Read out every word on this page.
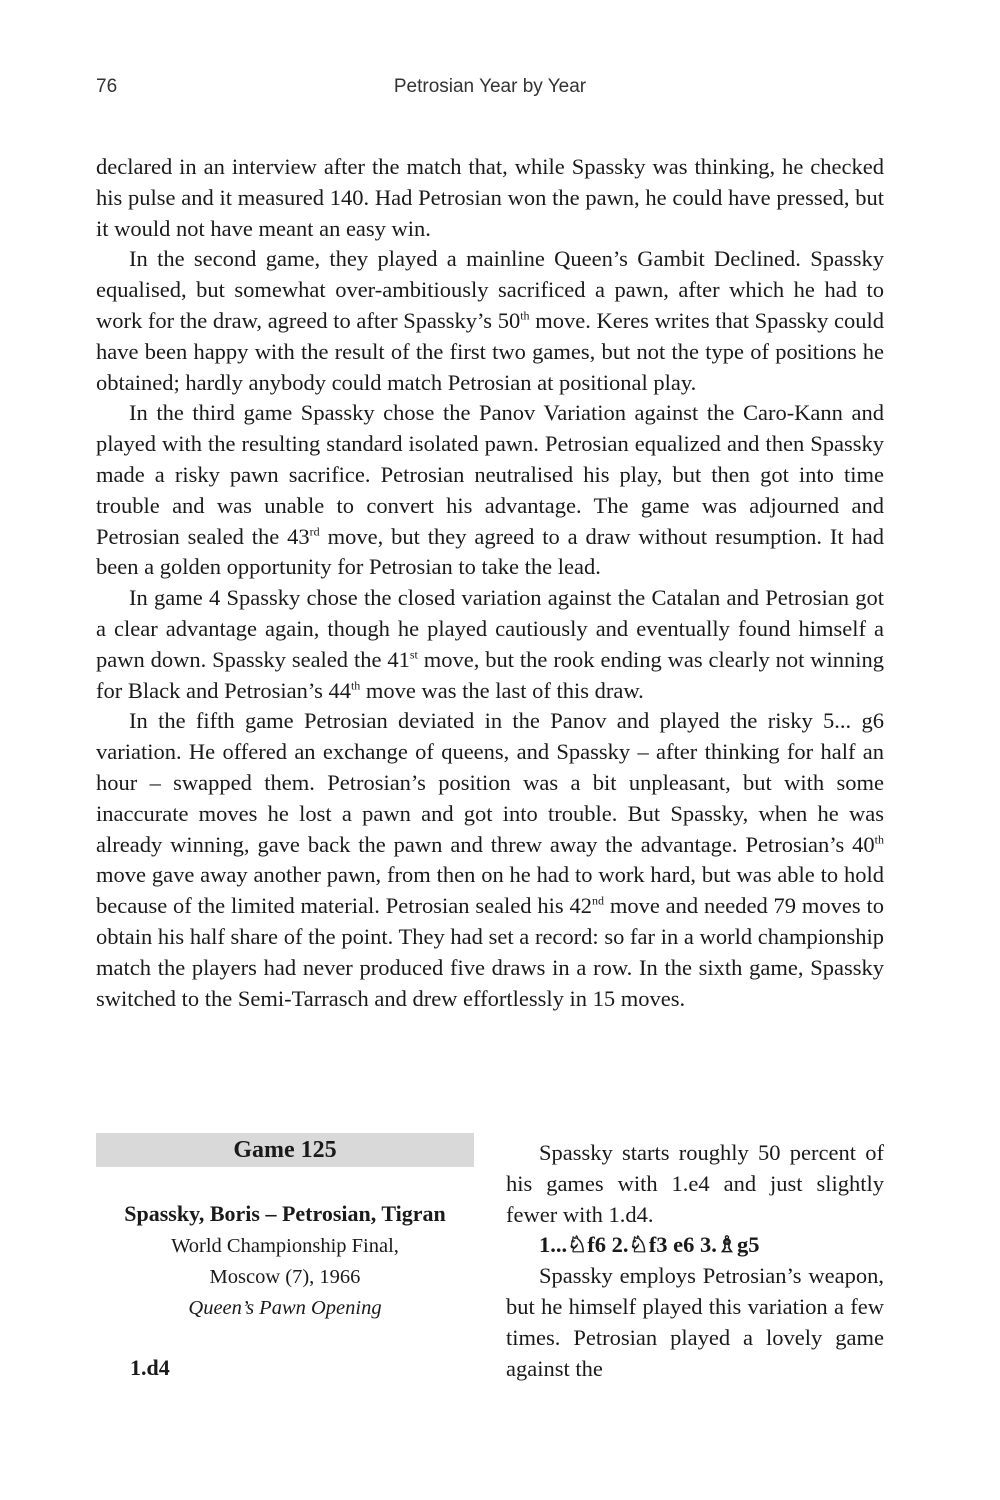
Petrosian Year by Year
76

declared in an interview after the match that, while Spassky was thinking, he checked his pulse and it measured 140. Had Petrosian won the pawn, he could have pressed, but it would not have meant an easy win.

In the second game, they played a mainline Queen’s Gambit Declined. Spassky equalised, but somewhat over-ambitiously sacrificed a pawn, after which he had to work for the draw, agreed to after Spassky’s 50th move. Keres writes that Spassky could have been happy with the result of the first two games, but not the type of positions he obtained; hardly anybody could match Petrosian at positional play.

In the third game Spassky chose the Panov Variation against the Caro-Kann and played with the resulting standard isolated pawn. Petrosian equalized and then Spassky made a risky pawn sacrifice. Petrosian neutralised his play, but then got into time trouble and was unable to convert his advantage. The game was adjourned and Petrosian sealed the 43rd move, but they agreed to a draw without resumption. It had been a golden opportunity for Petrosian to take the lead.

In game 4 Spassky chose the closed variation against the Catalan and Petrosian got a clear advantage again, though he played cautiously and eventually found himself a pawn down. Spassky sealed the 41st move, but the rook ending was clearly not winning for Black and Petrosian’s 44th move was the last of this draw.

In the fifth game Petrosian deviated in the Panov and played the risky 5... g6 variation. He offered an exchange of queens, and Spassky – after thinking for half an hour – swapped them. Petrosian’s position was a bit unpleasant, but with some inaccurate moves he lost a pawn and got into trouble. But Spassky, when he was already winning, gave back the pawn and threw away the advantage. Petrosian’s 40th move gave away another pawn, from then on he had to work hard, but was able to hold because of the limited material. Petrosian sealed his 42nd move and needed 79 moves to obtain his half share of the point. They had set a record: so far in a world championship match the players had never produced five draws in a row. In the sixth game, Spassky switched to the Semi-Tarrasch and drew effortlessly in 15 moves.

Game 125
Spassky, Boris – Petrosian, Tigran
World Championship Final,
Moscow (7), 1966
Queen’s Pawn Opening
1.d4

Spassky starts roughly 50 percent of his games with 1.e4 and just slightly fewer with 1.d4.

1...♘f6 2.♘f3 e6 3.♗g5

Spassky employs Petrosian’s weapon, but he himself played this variation a few times. Petrosian played a lovely game against the
